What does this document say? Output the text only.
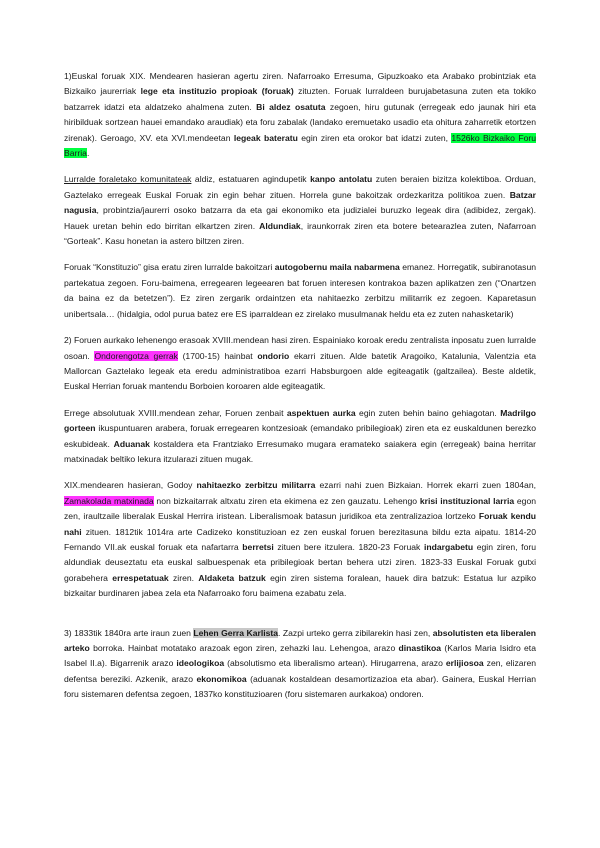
1)Euskal foruak XIX. Mendearen hasieran agertu ziren. Nafarroako Erresuma, Gipuzkoako eta Arabako probintziak eta Bizkaiko jaurerriak lege eta instituzio propioak (foruak) zituzten. Foruak lurraldeen burujabetasuna zuten eta tokiko batzarrek idatzi eta aldatzeko ahalmena zuten. Bi aldez osatuta zegoen, hiru gutunak (erregeak edo jaunak hiri eta hiribilduak sortzean hauei emandako araudiak) eta foru zabalak (landako eremuetako usadio eta ohitura zaharretik etortzen zirenak). Geroago, XV. eta XVI.mendeetan legeak bateratu egin ziren eta orokor bat idatzi zuten, 1526ko Bizkaiko Foru Barria.

Lurralde foraletako komunitateak aldiz, estatuaren agindupetik kanpo antolatu zuten beraien bizitza kolektiboa. Orduan, Gaztelako erregeak Euskal Foruak zin egin behar zituen. Horrela gune bakoitzak ordezkaritza politikoa zuen. Batzar nagusia, probintzia/jaurerri osoko batzarra da eta gai ekonomiko eta judizialei buruzko legeak dira (adibidez, zergak). Hauek uretan behin edo birritan elkartzen ziren. Aldundiak, iraunkorrak ziren eta botere betearazlea zuten, Nafarroan “Gorteak”. Kasu honetan ia astero biltzen ziren.

Foruak “Konstituzio” gisa eratu ziren lurralde bakoitzari autogobernu maila nabarmena emanez. Horregatik, subiranotasun partekatua zegoen. Foru-baimena, erregearen legeearen bat foruen interesen kontrakoa bazen aplikatzen zen (“Onartzen da baina ez da betetzen”). Ez ziren zergarik ordaintzen eta nahitaezko zerbitzu militarrik ez zegoen. Kaparetasun unibertsala… (hidalgia, odol purua batez ere ES iparraldean ez zirelako musulmanak heldu eta ez zuten nahasketarik)

2) Foruen aurkako lehenengo erasoak XVIII.mendean hasi ziren. Espainiako koroak eredu zentralista inposatu zuen lurralde osoan. Ondorengotza gerrak (1700-15) hainbat ondorio ekarri zituen. Alde batetik Aragoiko, Katalunia, Valentzia eta Mallorcan Gaztelako legeak eta eredu administratiboa ezarri Habsburgoen alde egiteagatik (galtzailea). Beste aldetik, Euskal Herrian foruak mantendu Borboien koroaren alde egiteagatik.

Errege absolutuak XVIII.mendean zehar, Foruen zenbait aspektuen aurka egin zuten behin baino gehiagotan. Madrilgo gorteen ikuspuntuaren arabera, foruak erregearen kontzesioak (emandako pribilegioak) ziren eta ez euskaldunen berezko eskubideak. Aduanak kostaldera eta Frantziako Erresumako mugara eramateko saiakera egin (erregeak) baina herritar matxinadak beltiko lekura itzularazi zituen mugak.

XIX.mendearen hasieran, Godoy nahitaezko zerbitzu militarra ezarri nahi zuen Bizkaian. Horrek ekarri zuen 1804an, Zamakolada matxinada non bizkaitarrak altxatu ziren eta ekimena ez zen gauzatu. Lehengo krisi instituzional larria egon zen, iraultzaile liberalak Euskal Herrira iristean. Liberalismoak batasun juridikoa eta zentralizazioa lortzeko Foruak kendu nahi zituen. 1812tik 1014ra arte Cadizeko konstituzioan ez zen euskal foruen berezitasuna bildu ezta aipatu. 1814-20 Fernando VII.ak euskal foruak eta nafartarra berretsi zituen bere itzulera. 1820-23 Foruak indargabetu egin ziren, foru aldundiak deuseztatu eta euskal salbuespenak eta pribilegioak bertan behera utzi ziren. 1823-33 Euskal Foruak gutxi gorabehera errespetatuak ziren. Aldaketa batzuk egin ziren sistema foralean, hauek dira batzuk: Estatua lur azpiko bizkaitar burdinaren jabea zela eta Nafarroako foru baimena ezabatu zela.

3) 1833tik 1840ra arte iraun zuen Lehen Gerra Karlista. Zazpi urteko gerra zibilarekin hasi zen, absolutisten eta liberalen arteko borroka. Hainbat motatako arazoak egon ziren, zehazki lau. Lehengoa, arazo dinastikoa (Karlos Maria Isidro eta Isabel II.a). Bigarrenik arazo ideologikoa (absolutismo eta liberalismo artean). Hirugarrena, arazo erlijiosoa zen, elizaren defentsa bereziki. Azkenik, arazo ekonomikoa (aduanak kostaldean desamortizazioa eta abar). Gainera, Euskal Herrian foru sistemaren defentsa zegoen, 1837ko konstituzioaren (foru sistemaren aurkakoa) ondoren.
